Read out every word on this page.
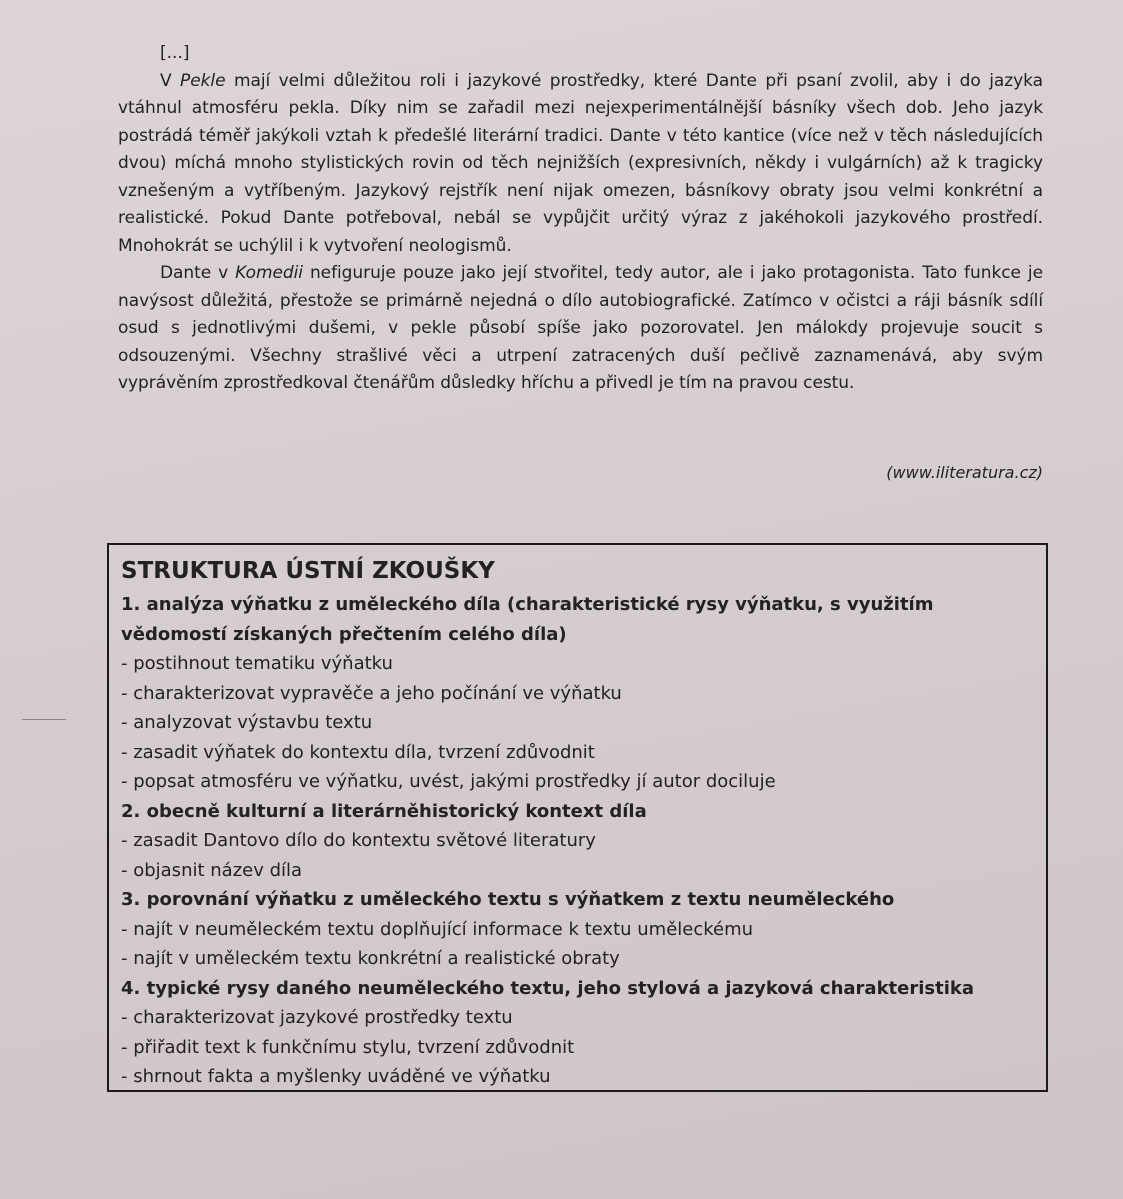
[...]

V Pekle mají velmi důležitou roli i jazykové prostředky, které Dante při psaní zvolil, aby i do jazyka vtáhnul atmosféru pekla. Díky nim se zařadil mezi nejexperimentálnější básníky všech dob. Jeho jazyk postrádá téměř jakýkoli vztah k předešlé literární tradici. Dante v této kantice (více než v těch následujících dvou) míchá mnoho stylistických rovin od těch nejnižších (expresivních, někdy i vulgárních) až k tragicky vznešeným a vytříbeným. Jazykový rejstřík není nijak omezen, básníkovy obraty jsou velmi konkrétní a realistické. Pokud Dante potřeboval, nebál se vypůjčit určitý výraz z jakéhokoli jazykového prostředí. Mnohokrát se uchýlil i k vytvoření neologismů.

Dante v Komedii nefiguruje pouze jako její stvořitel, tedy autor, ale i jako protagonista. Tato funkce je navýsost důležitá, přestože se primárně nejedná o dílo autobiografické. Zatímco v očistci a ráji básník sdílí osud s jednotlivými dušemi, v pekle působí spíše jako pozorovatel. Jen málokdy projevuje soucit s odsouzenými. Všechny strašlivé věci a utrpení zatracených duší pečlivě zaznamenává, aby svým vyprávěním zprostředkoval čtenářům důsledky hříchu a přivedl je tím na pravou cestu.

(www.iliteratura.cz)
STRUKTURA ÚSTNÍ ZKOUŠKY
1. analýza výňatku z uměleckého díla (charakteristické rysy výňatku, s využitím vědomostí získaných přečtením celého díla)
- postihnout tematiku výňatku
- charakterizovat vypravěče a jeho počínání ve výňatku
- analyzovat výstavbu textu
- zasadit výňatek do kontextu díla, tvrzení zdůvodnit
- popsat atmosféru ve výňatku, uvést, jakými prostředky jí autor dociluje
2. obecně kulturní a literárněhistorický kontext díla
- zasadit Dantovo dílo do kontextu světové literatury
- objasnit název díla
3. porovnání výňatku z uměleckého textu s výňatkem z textu neuměleckého
- najít v neuměleckém textu doplňující informace k textu uměleckému
- najít v uměleckém textu konkrétní a realistické obraty
4. typické rysy daného neuměleckého textu, jeho stylová a jazyková charakteristika
- charakterizovat jazykové prostředky textu
- přiřadit text k funkčnímu stylu, tvrzení zdůvodnit
- shrnout fakta a myšlenky uváděné ve výňatku
